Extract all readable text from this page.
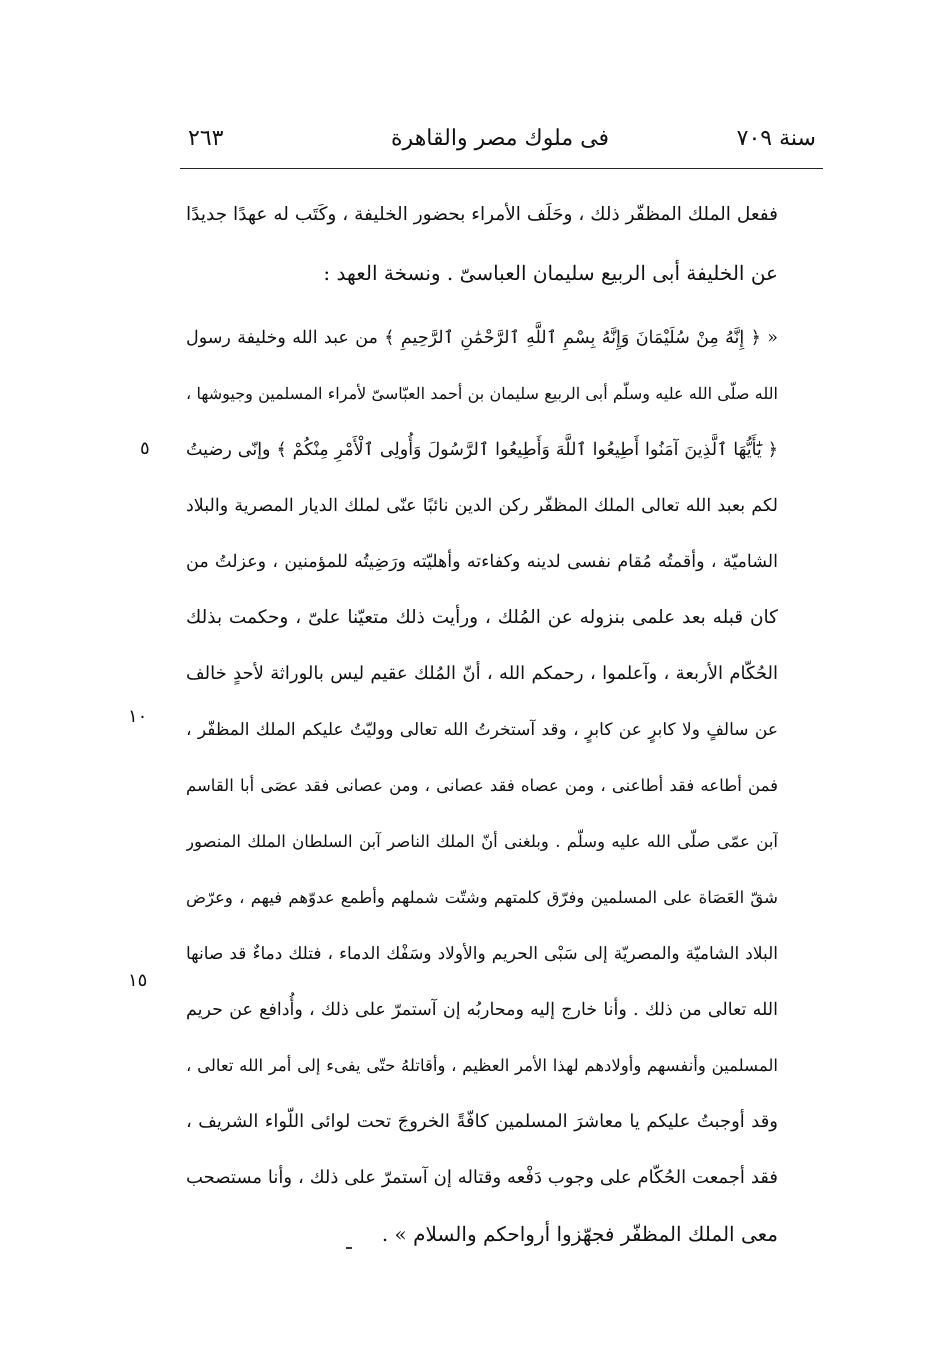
٢٦٣	فى ملوك مصر والقاهرة	سنة ٧٠٩
ففعل الملك المظفّر ذلك ، وحَلَف الأمراء بحضور الخليفة ، وكَتَب له عهدًا جديدًا
عن الخليفة أبى الربيع سليمان العباسىّ . ونسخة العهد :
« ﴿ إِنَّهُ مِنْ سُلَيْمَانَ وَإِنَّهُ بِسْمِ ٱللَّهِ ٱلرَّحْمَٰنِ ٱلرَّحِيمِ ﴾ من عبد الله وخليفة رسول
الله صلّى الله عليه وسلّم أبى الربيع سليمان بن أحمد العبّاسىّ لأمراء المسلمين وجيوشها ،
﴿ يَٰٓأَيُّهَا ٱلَّذِينَ آمَنُوا أَطِيعُوا ٱللَّهَ وَأَطِيعُوا ٱلرَّسُولَ وَأُولِى ٱلْأَمْرِ مِنْكُمْ ﴾ وإنّى رضيتُ
لكم بعبد الله تعالى الملك المظفّر ركن الدين نائبًا عنّى لملك الديار المصرية والبلاد
الشاميّة ، وأقمتُه مُقام نفسى لدينه وكفاءته وأهليّته ورَضِيتُه للمؤمنين ، وعزلتُ من
كان قبله بعد علمى بنزوله عن المُلك ، ورأيت ذلك متعيّنا علىّ ، وحكمت بذلك
الحُكّام الأربعة ، وآعلموا ، رحمكم الله ، أنّ المُلك عقيم ليس بالوراثة لأحدٍ خالف
عن سالفٍ ولا كابرٍ عن كابرٍ ، وقد آستخرتُ الله تعالى ووليّتُ عليكم الملك المظفّر ،
فمن أطاعه فقد أطاعنى ، ومن عصاه فقد عصانى ، ومن عصانى فقد عصَى أبا القاسم
آبن عمّى صلّى الله عليه وسلّم . وبلغنى أنّ الملك الناصر آبن السلطان الملك المنصور
شقّ العَصَاة على المسلمين وفرّق كلمتهم وشتّت شملهم وأطمع عدوّهم فيهم ، وعرّض
البلاد الشاميّة والمصريّة إلى سَبْى الحريم والأولاد وسَفْك الدماء ، فتلك دماءٌ قد صانها
الله تعالى من ذلك . وأنا خارج إليه ومحاربُه إن آستمرّ على ذلك ، وأُدافع عن حريم
المسلمين وأنفسهم وأولادهم لهذا الأمر العظيم ، وأقاتلهُ حتّى يفىء إلى أمر الله تعالى ،
وقد أوجبتُ عليكم يا معاشرَ المسلمين كافّةً الخروجَ تحت لوائى اللّواء الشريف ،
فقد أجمعت الحُكّام على وجوب دَفْعه وقتاله إن آستمرّ على ذلك ، وأنا مستصحب
معى الملك المظفّر فجهّزوا أرواحكم والسلام » .
٥
١٠
١٥
